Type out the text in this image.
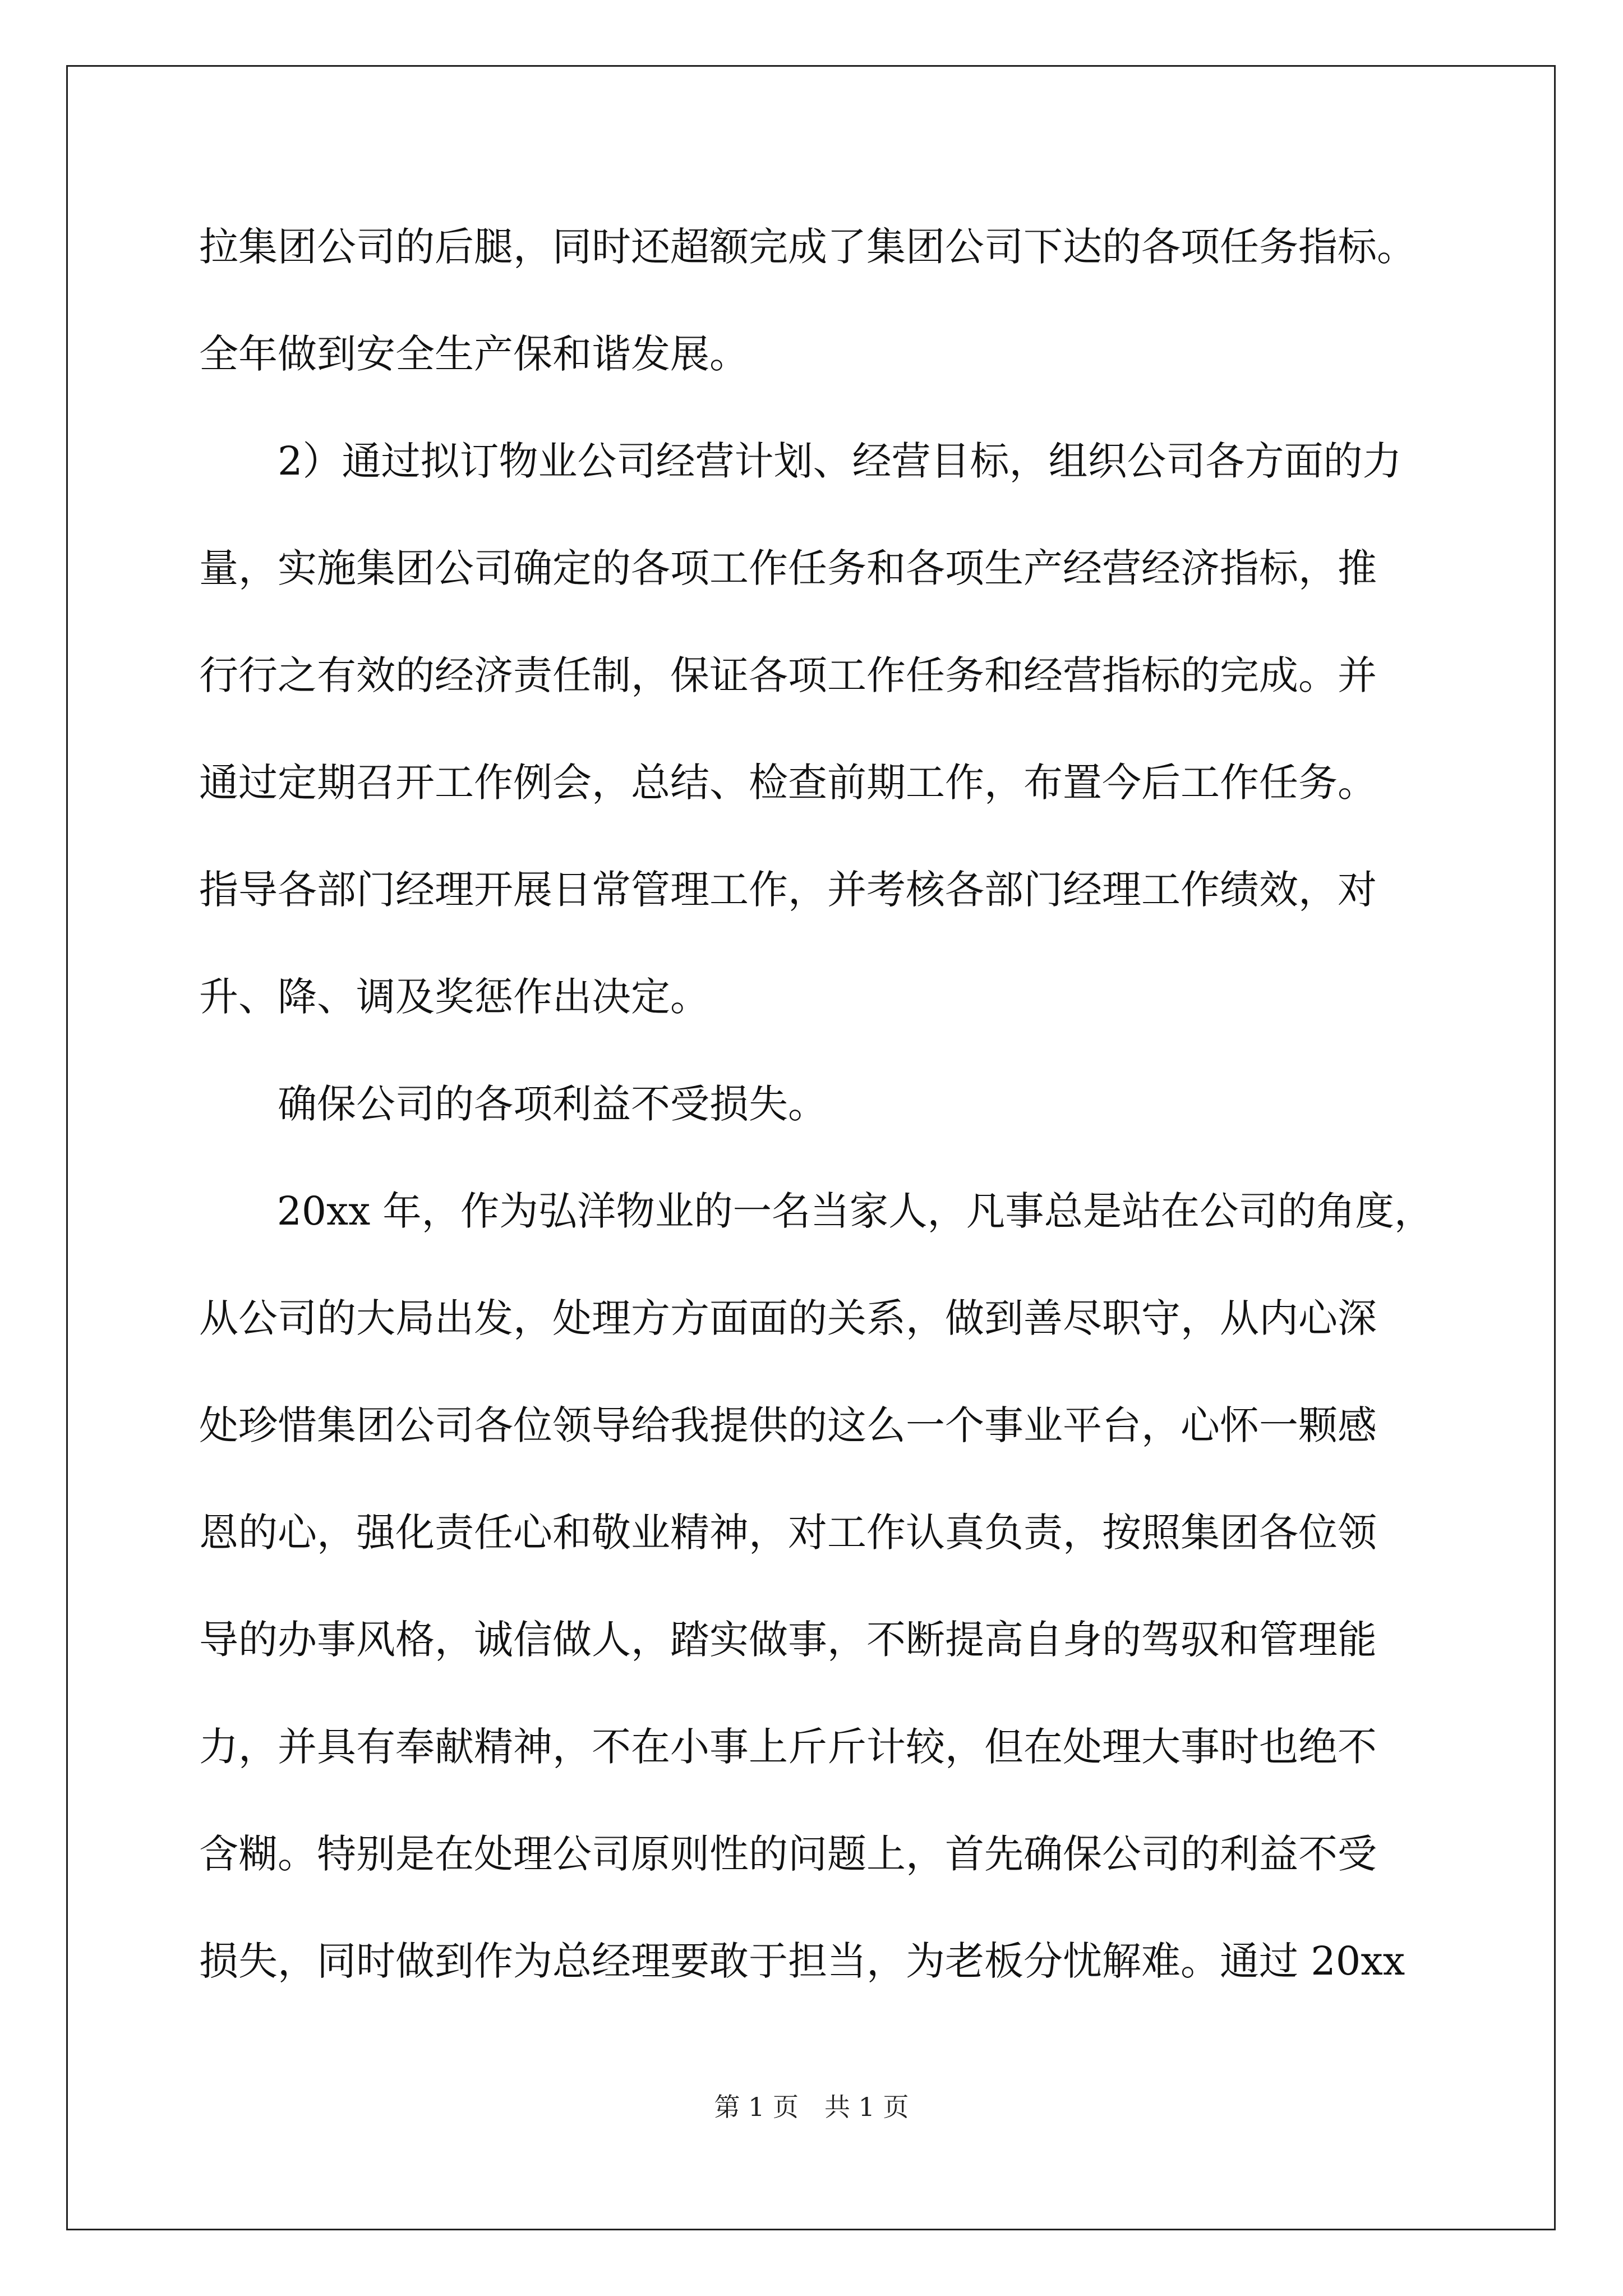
拉集团公司的后腿，同时还超额完成了集团公司下达的各项任务指标。
全年做到安全生产保和谐发展。
　　2）通过拟订物业公司经营计划、经营目标，组织公司各方面的力
量，实施集团公司确定的各项工作任务和各项生产经营经济指标，推
行行之有效的经济责任制，保证各项工作任务和经营指标的完成。并
通过定期召开工作例会，总结、检查前期工作，布置今后工作任务。
指导各部门经理开展日常管理工作，并考核各部门经理工作绩效，对
升、降、调及奖惩作出决定。
　　确保公司的各项利益不受损失。
　　20xx 年，作为弘洋物业的一名当家人，凡事总是站在公司的角度，
从公司的大局出发，处理方方面面的关系，做到善尽职守，从内心深
处珍惜集团公司各位领导给我提供的这么一个事业平台，心怀一颗感
恩的心，强化责任心和敬业精神，对工作认真负责，按照集团各位领
导的办事风格，诚信做人，踏实做事，不断提高自身的驾驭和管理能
力，并具有奉献精神，不在小事上斤斤计较，但在处理大事时也绝不
含糊。特别是在处理公司原则性的问题上，首先确保公司的利益不受
损失，同时做到作为总经理要敢于担当，为老板分忧解难。通过 20xx
第 1 页　共 1 页
